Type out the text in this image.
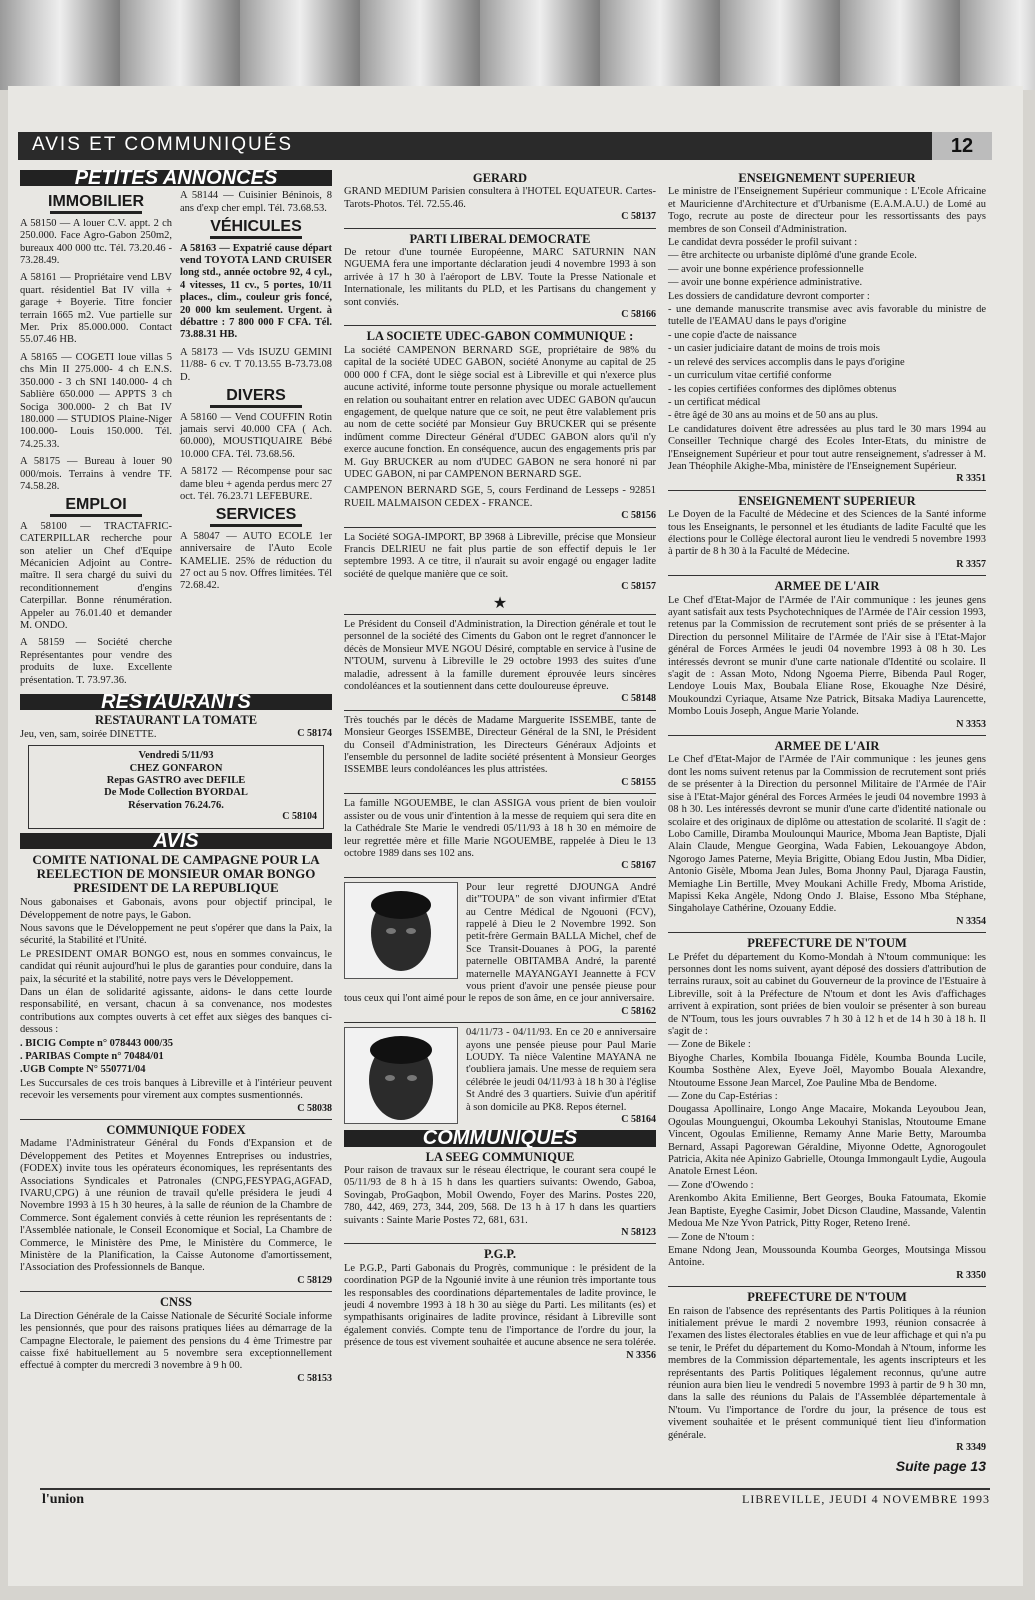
AVIS ET COMMUNIQUÉS	12
PETITES ANNONCES
IMMOBILIER
A 58150 — A louer C.V. appt. 2 ch 250.000. Face Agro-Gabon 250m2, bureaux 400 000 ttc. Tél. 73.20.46 - 73.28.49.
A 58161 — Propriétaire vend LBV quart. résidentiel Bat IV villa + garage + Boyerie. Titre foncier terrain 1665 m2. Vue partielle sur Mer. Prix 85.000.000. Contact 55.07.46 HB.
A 58165 — COGETI loue villas 5 chs Min II 275.000- 4 ch E.N.S. 350.000 - 3 ch SNI 140.000- 4 ch Sablière 650.000 — APPTS 3 ch Sociga 300.000- 2 ch Bat IV 180.000 — STUDIOS Plaine-Niger 100.000- Louis 150.000. Tél. 74.25.33.
A 58175 — Bureau à louer 90 000/mois. Terrains à vendre TF. 74.58.28.
EMPLOI
A 58100 — TRACTAFRIC-CATERPILLAR recherche pour son atelier un Chef d'Equipe Mécanicien Adjoint au Contre-maître. Il sera chargé du suivi du reconditionnement d'engins Caterpillar. Bonne rénumération. Appeler au 76.01.40 et demander M. ONDO.
A 58159 — Société cherche Représentantes pour vendre des produits de luxe. Excellente présentation. T. 73.97.36.
A 58144 — Cuisinier Béninois, 8 ans d'exp cher empl. Tél. 73.68.53.
VÉHICULES
A 58163 — Expatrié cause départ vend TOYOTA LAND CRUISER long std., année octobre 92, 4 cyl., 4 vitesses, 11 cv., 5 portes, 10/11 places., clim., couleur gris foncé, 20 000 km seulement. Urgent. à débattre : 7 800 000 F CFA. Tél. 73.88.31 HB.
A 58173 — Vds ISUZU GEMINI 11/88- 6 cv. T 70.13.55 B-73.73.08 D.
DIVERS
A 58160 — Vend COUFFIN Rotin jamais servi 40.000 CFA ( Ach. 60.000), MOUSTIQUAIRE Bébé 10.000 CFA. Tél. 73.68.56.
A 58172 — Récompense pour sac dame bleu + agenda perdus merc 27 oct. Tél. 76.23.71 LEFEBURE.
SERVICES
A 58047 — AUTO ECOLE 1er anniversaire de l'Auto Ecole KAMELIE. 25% de réduction du 27 oct au 5 nov. Offres limitées. Tél 72.68.42.
RESTAURANTS
RESTAURANT LA TOMATE
Jeu, ven, sam, soirée DINETTE.	C 58174
Vendredi 5/11/93
CHEZ GONFARON
Repas GASTRO avec DEFILE
De Mode Collection BYORDAL
Réservation 76.24.76.
C 58104
AVIS
COMITE NATIONAL DE CAMPAGNE POUR LA REELECTION DE MONSIEUR OMAR BONGO PRESIDENT DE LA REPUBLIQUE

Nous gabonaises et Gabonais, avons pour objectif principal, le Développement de notre pays, le Gabon.

Nous savons que le Développement ne peut s'opérer que dans la Paix, la sécurité, la Stabilité et l'Unité.

Le PRESIDENT OMAR BONGO est, nous en sommes convaincus, le candidat qui réunit aujourd'hui le plus de garanties pour conduire, dans la paix, la sécurité et la stabilité, notre pays vers le Développement.

Dans un élan de solidarité agissante, aidons- le dans cette lourde responsabilité, en versant, chacun à sa convenance, nos modestes contributions aux comptes ouverts à cet effet aux sièges des banques ci-dessous :

. BICIG Compte n° 078443 000/35

. PARIBAS Compte n° 70484/01

.UGB Compte N° 550771/04

Les Succursales de ces trois banques à Libreville et à l'intérieur peuvent recevoir les versements pour virement aux comptes susmentionnés.

C 58038
COMMUNIQUE FODEX

Madame l'Administrateur Général du Fonds d'Expansion et de Développement des Petites et Moyennes Entreprises ou industries,(FODEX) invite tous les opérateurs économiques, les représentants des Associations Syndicales et Patronales (CNPG,FESYPAG,AGFAD, IVARU,CPG) à une réunion de travail qu'elle présidera le jeudi 4 Novembre 1993 à 15 h 30 heures, à la salle de réunion de la Chambre de Commerce. Sont également conviés à cette réunion les représentants de : l'Assemblée nationale, le Conseil Economique et Social, La Chambre de Commerce, le Ministère des Pme, le Ministère du Commerce, le Ministère de la Planification, la Caisse Autonome d'amortissement, l'Association des Professionnels de Banque.

C 58129
CNSS

La Direction Générale de la Caisse Nationale de Sécurité Sociale informe les pensionnés, que pour des raisons pratiques liées au démarrage de la Campagne Electorale, le paiement des pensions du 4 ème Trimestre par caisse fixé habituellement au 5 novembre sera exceptionnellement effectué à compter du mercredi 3 novembre à 9 h 00.

C 58153
GERARD

GRAND MEDIUM Parisien consultera à l'HOTEL EQUATEUR. Cartes-Tarots-Photos. Tél. 72.55.46.

C 58137
PARTI LIBERAL DEMOCRATE

De retour d'une tournée Européenne, MARC SATURNIN NAN NGUEMA fera une importante déclaration jeudi 4 novembre 1993 à son arrivée à 17 h 30 à l'aéroport de LBV. Toute la Presse Nationale et Internationale, les militants du PLD, et les Partisans du changement y sont conviés.

C 58166
LA SOCIETE UDEC-GABON COMMUNIQUE :

La société CAMPENON BERNARD SGE, propriétaire de 98% du capital de la société UDEC GABON, société Anonyme au capital de 25 000 000 f CFA, dont le siège social est à Libreville et qui n'exerce plus aucune activité, informe toute personne physique ou morale actuellement en relation ou souhaitant entrer en relation avec UDEC GABON qu'aucun engagement, de quelque nature que ce soit, ne peut être valablement pris au nom de cette société par Monsieur Guy BRUCKER qui se présente indûment comme Directeur Général d'UDEC GABON alors qu'il n'y exerce aucune fonction. En conséquence, aucun des engagements pris par M. Guy BRUCKER au nom d'UDEC GABON ne sera honoré ni par UDEC GABON, ni par CAMPENON BERNARD SGE.

CAMPENON BERNARD SGE, 5, cours Ferdinand de Lesseps - 92851 RUEIL MALMAISON CEDEX - FRANCE.

C 58156

La Société SOGA-IMPORT, BP 3968 à Libreville, précise que Monsieur Francis DELRIEU ne fait plus partie de son effectif depuis le 1er septembre 1993. A ce titre, il n'aurait su avoir engagé ou engager ladite société de quelque manière que ce soit.

C 58157
★

Le Président du Conseil d'Administration, la Direction générale et tout le personnel de la société des Ciments du Gabon ont le regret d'annoncer le décès de Monsieur MVE NGOU Désiré, comptable en service à l'usine de N'TOUM, survenu à Libreville le 29 octobre 1993 des suites d'une maladie, adressent à la famille durement éprouvée leurs sincères condoléances et la soutiennent dans cette douloureuse épreuve.

C 58148

Très touchés par le décès de Madame Marguerite ISSEMBE, tante de Monsieur Georges ISSEMBE, Directeur Général de la SNI, le Président du Conseil d'Administration, les Directeurs Généraux Adjoints et l'ensemble du personnel de ladite société présentent à Monsieur Georges ISSEMBE leurs condoléances les plus attristées.

C 58155

La famille NGOUEMBE, le clan ASSIGA vous prient de bien vouloir assister ou de vous unir d'intention à la messe de requiem qui sera dite en la Cathédrale Ste Marie le vendredi 05/11/93 à 18 h 30 en mémoire de leur regrettée mère et fille Marie NGOUEMBE, rappelée à Dieu le 13 octobre 1989 dans ses 102 ans.

C 58167

Pour leur regretté DJOUNGA André dit"TOUPA" de son vivant infirmier d'Etat au Centre Médical de Ngouoni (FCV), rappelé à Dieu le 2 Novembre 1992. Son petit-frère Germain BALLA Michel, chef de Sce Transit-Douanes à POG, la parenté paternelle OBITAMBA André, la parenté maternelle MAYANGAYI Jeannette à FCV vous prient d'avoir une pensée pieuse pour tous ceux qui l'ont aimé pour le repos de son âme, en ce jour anniversaire.

C 58162

04/11/73 - 04/11/93. En ce 20 e anniversaire ayons une pensée pieuse pour Paul Marie LOUDY. Ta nièce Valentine MAYANA ne t'oubliera jamais. Une messe de requiem sera célébrée le jeudi 04/11/93 à 18 h 30 à l'église St André des 3 quartiers. Suivie d'un apéritif à son domicile au PK8. Repos éternel.

C 58164
COMMUNIQUES
LA SEEG COMMUNIQUE

Pour raison de travaux sur le réseau électrique, le courant sera coupé le 05/11/93 de 8 h à 15 h dans les quartiers suivants: Owendo, Gaboa, Sovingab, ProGaqbon, Mobil Owendo, Foyer des Marins. Postes 220, 780, 442, 469, 273, 344, 209, 568. De 13 h à 17 h dans les quartiers suivants : Sainte Marie Postes 72, 681, 631.

N 58123
P.G.P.

Le P.G.P., Parti Gabonais du Progrès, communique : le président de la coordination PGP de la Ngounié invite à une réunion très importante tous les responsables des coordinations départementales de ladite province, le jeudi 4 novembre 1993 à 18 h 30 au siège du Parti. Les militants (es) et sympathisants originaires de ladite province, résidant à Libreville sont également conviés. Compte tenu de l'importance de l'ordre du jour, la présence de tous est vivement souhaitée et aucune absence ne sera tolérée.

N 3356
ENSEIGNEMENT SUPERIEUR

Le ministre de l'Enseignement Supérieur communique : L'Ecole Africaine et Mauricienne d'Architecture et d'Urbanisme (E.A.M.A.U.) de Lomé au Togo, recrute au poste de directeur pour les ressortissants des pays membres de son Conseil d'Administration.

Le candidat devra posséder le profil suivant :

— être architecte ou urbaniste diplômé d'une grande Ecole.

— avoir une bonne expérience professionnelle

— avoir une bonne expérience administrative.

Les dossiers de candidature devront comporter :

- une demande manuscrite transmise avec avis favorable du ministre de tutelle de l'EAMAU dans le pays d'origine

- une copie d'acte de naissance

- un casier judiciaire datant de moins de trois mois

- un relevé des services accomplis dans le pays d'origine

- un curriculum vitae certifié conforme

- les copies certifiées conformes des diplômes obtenus

- un certificat médical

- être âgé de 30 ans au moins et de 50 ans au plus.

Le candidatures doivent être adressées au plus tard le 30 mars 1994 au Conseiller Technique chargé des Ecoles Inter-Etats, du ministre de l'Enseignement Supérieur et pour tout autre renseignement, s'adresser à M. Jean Théophile Akighe-Mba, ministère de l'Enseignement Supérieur.

R 3351
ENSEIGNEMENT SUPERIEUR

Le Doyen de la Faculté de Médecine et des Sciences de la Santé informe tous les Enseignants, le personnel et les étudiants de ladite Faculté que les élections pour le Collège électoral auront lieu le vendredi 5 novembre 1993 à partir de 8 h 30 à la Faculté de Médecine.

R 3357
ARMEE DE L'AIR

Le Chef d'Etat-Major de l'Armée de l'Air communique : les jeunes gens ayant satisfait aux tests Psychotechniques de l'Armée de l'Air cession 1993, retenus par la Commission de recrutement sont priés de se présenter à la Direction du personnel Militaire de l'Armée de l'Air sise à l'Etat-Major général de Forces Armées le jeudi 04 novembre 1993 à 08 h 30. Les intéressés devront se munir d'une carte nationale d'Identité ou scolaire. Il s'agit de : Assan Moto, Ndong Ngoema Pierre, Bibenda Paul Roger, Lendoye Louis Max, Boubala Eliane Rose, Ekouaghe Nze Désiré, Moukoundzi Cyriaque, Atsame Nze Patrick, Bitsaka Madiya Laurencette, Mombo Louis Joseph, Angue Marie Yolande.

N 3353
ARMEE DE L'AIR

Le Chef d'Etat-Major de l'Armée de l'Air communique : les jeunes gens dont les noms suivent retenus par la Commission de recrutement sont priés de se présenter à la Direction du personnel Militaire de l'Armée de l'Air sise à l'Etat-Major général des Forces Armées le jeudi 04 novembre 1993 à 08 h 30. Les intéressés devront se munir d'une carte d'identité nationale ou scolaire et des originaux de diplôme ou attestation de scolarité. Il s'agit de : Lobo Camille, Diramba Moulounqui Maurice, Mboma Jean Baptiste, Djali Alain Claude, Mengue Georgina, Wada Fabien, Lekouangoye Abdon, Ngorogo James Paterne, Meyia Brigitte, Obiang Edou Justin, Mba Didier, Antonio Gisèle, Mboma Jean Jules, Boma Jhonny Paul, Djaraga Faustin, Memiaghe Lin Bertille, Mvey Moukani Achille Fredy, Mboma Aristide, Mapissi Keka Angèle, Ndong Ondo J. Blaise, Essono Mba Stéphane, Singaholaye Cathérine, Ozouany Eddie.

N 3354
PREFECTURE DE N'TOUM

Le Préfet du département du Komo-Mondah à N'toum communique: les personnes dont les noms suivent, ayant déposé des dossiers d'attribution de terrains ruraux, soit au cabinet du Gouverneur de la province de l'Estuaire à Libreville, soit à la Préfecture de N'toum et dont les Avis d'affichages arrivent à expiration, sont priées de bien vouloir se présenter à son bureau de N'Toum, tous les jours ouvrables 7 h 30 à 12 h et de 14 h 30 à 18 h. Il s'agit de :

— Zone de Bikele :

Biyoghe Charles, Kombila Ibouanga Fidèle, Koumba Bounda Lucile, Koumba Sosthène Alex, Eyeve Joël, Mayombo Bouala Alexandre, Ntoutoume Essone Jean Marcel, Zoe Pauline Mba de Bendome.

— Zone du Cap-Estérias :

Dougassa Apollinaire, Longo Ange Macaire, Mokanda Leyoubou Jean, Ogoulas Mounguengui, Okoumba Lekouhyi Stanislas, Ntoutoume Emane Vincent, Ogoulas Emilienne, Remamy Anne Marie Betty, Maroumba Bernard, Assapi Pagorewan Géraldine, Miyonne Odette, Agnorogoulet Patricia, Akita née Apinizo Gabrielle, Otounga Immongault Lydie, Augoula Anatole Ernest Léon.

— Zone d'Owendo :

Arenkombo Akita Emilienne, Bert Georges, Bouka Fatoumata, Ekomie Jean Baptiste, Eyeghe Casimir, Jobet Dicson Claudine, Massande, Valentin Medoua Me Nze Yvon Patrick, Pitty Roger, Reteno Irené.

— Zone de N'toum :

Emane Ndong Jean, Moussounda Koumba Georges, Moutsinga Missou Antoine.

R 3350
PREFECTURE DE N'TOUM

En raison de l'absence des représentants des Partis Politiques à la réunion initialement prévue le mardi 2 novembre 1993, réunion consacrée à l'examen des listes électorales établies en vue de leur affichage et qui n'a pu se tenir, le Préfet du département du Komo-Mondah à N'toum, informe les membres de la Commission départementale, les agents inscripteurs et les représentants des Partis Politiques légalement reconnus, qu'une autre réunion aura bien lieu le vendredi 5 novembre 1993 à partir de 9 h 30 mn, dans la salle des réunions du Palais de l'Assemblée départementale à N'toum. Vu l'importance de l'ordre du jour, la présence de tous est vivement souhaitée et le présent communiqué tient lieu d'information générale.

R 3349
Suite page 13
l'union	LIBREVILLE, JEUDI 4 NOVEMBRE 1993
